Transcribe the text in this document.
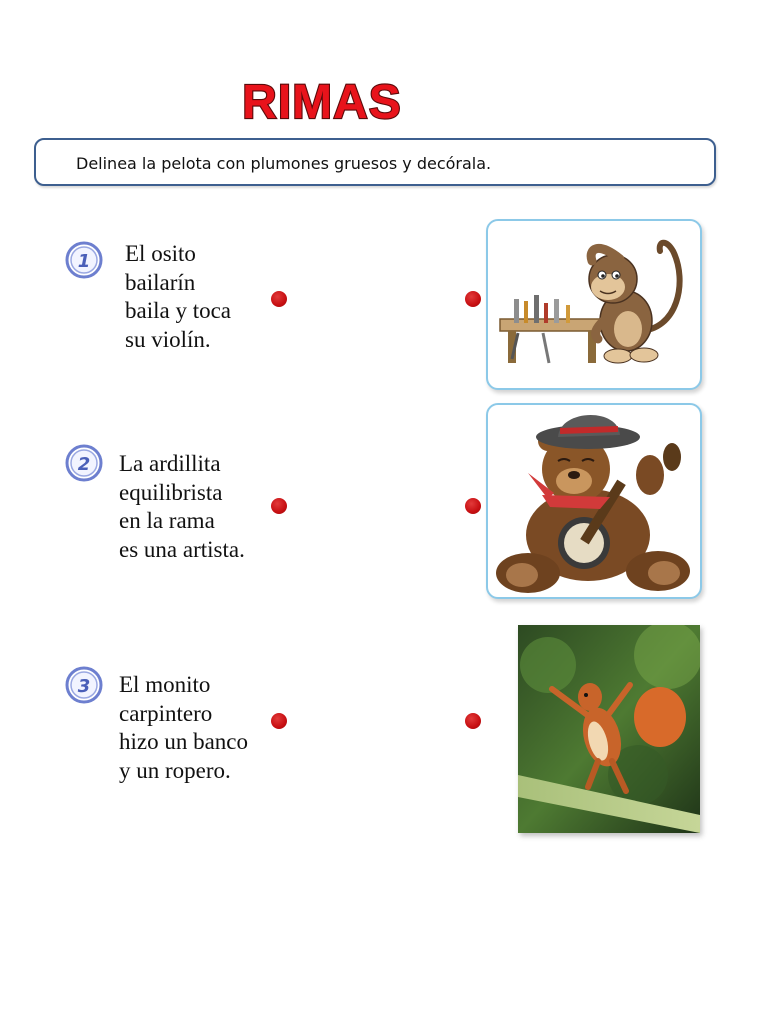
RIMAS
Delinea la pelota con plumones gruesos y decórala.
1 El osito
bailarín
baila y toca
su violín.
2 La ardillita
equilibrista
en la rama
es una artista.
3 El monito
carpintero
hizo un banco
y un ropero.
